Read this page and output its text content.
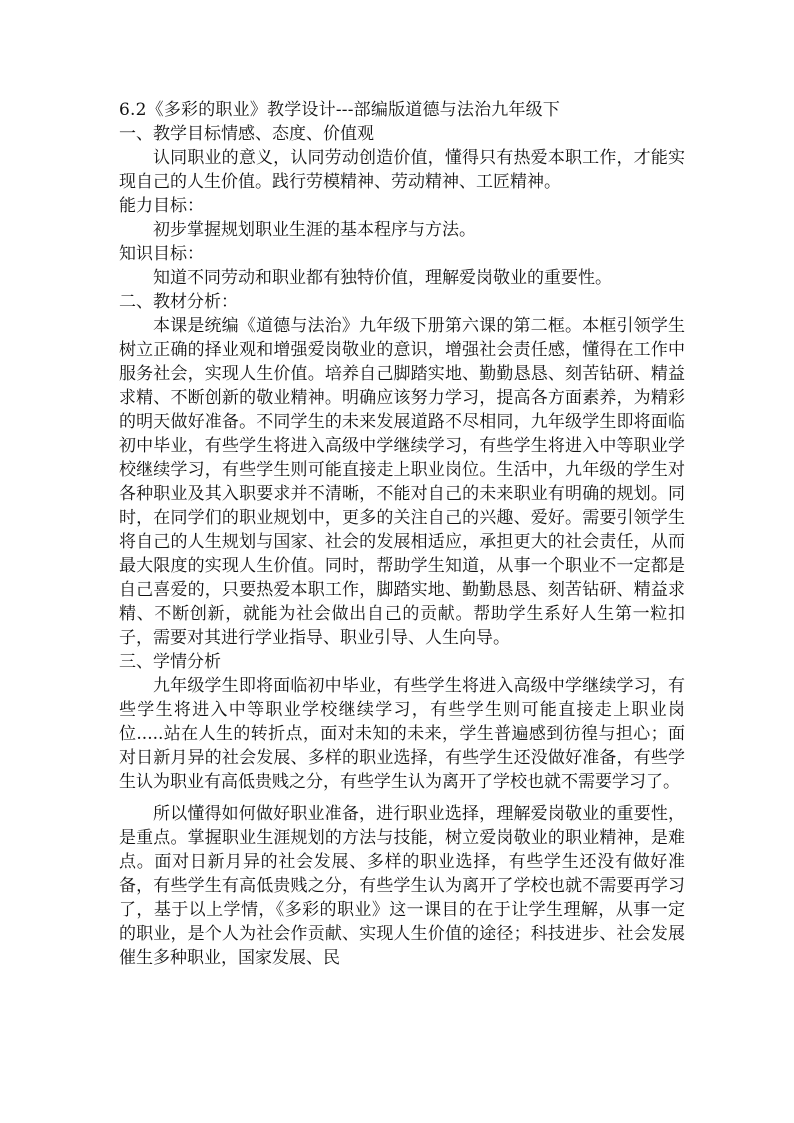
6.2《多彩的职业》教学设计---部编版道德与法治九年级下

一、教学目标情感、态度、价值观

认同职业的意义，认同劳动创造价值，懂得只有热爱本职工作，才能实现自己的人生价值。践行劳模精神、劳动精神、工匠精神。

能力目标：

初步掌握规划职业生涯的基本程序与方法。

知识目标：

知道不同劳动和职业都有独特价值，理解爱岗敬业的重要性。

二、教材分析：

本课是统编《道德与法治》九年级下册第六课的第二框。本框引领学生树立正确的择业观和增强爱岗敬业的意识，增强社会责任感，懂得在工作中服务社会，实现人生价值。培养自己脚踏实地、勤勤恳恳、刻苦钻研、精益求精、不断创新的敬业精神。明确应该努力学习，提高各方面素养，为精彩的明天做好准备。不同学生的未来发展道路不尽相同，九年级学生即将面临初中毕业，有些学生将进入高级中学继续学习，有些学生将进入中等职业学校继续学习，有些学生则可能直接走上职业岗位。生活中，九年级的学生对各种职业及其入职要求并不清晰，不能对自己的未来职业有明确的规划。同时，在同学们的职业规划中，更多的关注自己的兴趣、爱好。需要引领学生将自己的人生规划与国家、社会的发展相适应，承担更大的社会责任，从而最大限度的实现人生价值。同时，帮助学生知道，从事一个职业不一定都是自己喜爱的，只要热爱本职工作，脚踏实地、勤勤恳恳、刻苦钻研、精益求精、不断创新，就能为社会做出自己的贡献。帮助学生系好人生第一粒扣子，需要对其进行学业指导、职业引导、人生向导。

三、学情分析

九年级学生即将面临初中毕业，有些学生将进入高级中学继续学习，有些学生将进入中等职业学校继续学习，有些学生则可能直接走上职业岗位.....站在人生的转折点，面对未知的未来，学生普遍感到彷徨与担心；面对日新月异的社会发展、多样的职业选择，有些学生还没做好准备，有些学生认为职业有高低贵贱之分，有些学生认为离开了学校也就不需要学习了。

所以懂得如何做好职业准备，进行职业选择，理解爱岗敬业的重要性，是重点。掌握职业生涯规划的方法与技能，树立爱岗敬业的职业精神，是难点。面对日新月异的社会发展、多样的职业选择，有些学生还没有做好准备，有些学生有高低贵贱之分，有些学生认为离开了学校也就不需要再学习了，基于以上学情，《多彩的职业》这一课目的在于让学生理解，从事一定的职业，是个人为社会作贡献、实现人生价值的途径；科技进步、社会发展催生多种职业，国家发展、民
